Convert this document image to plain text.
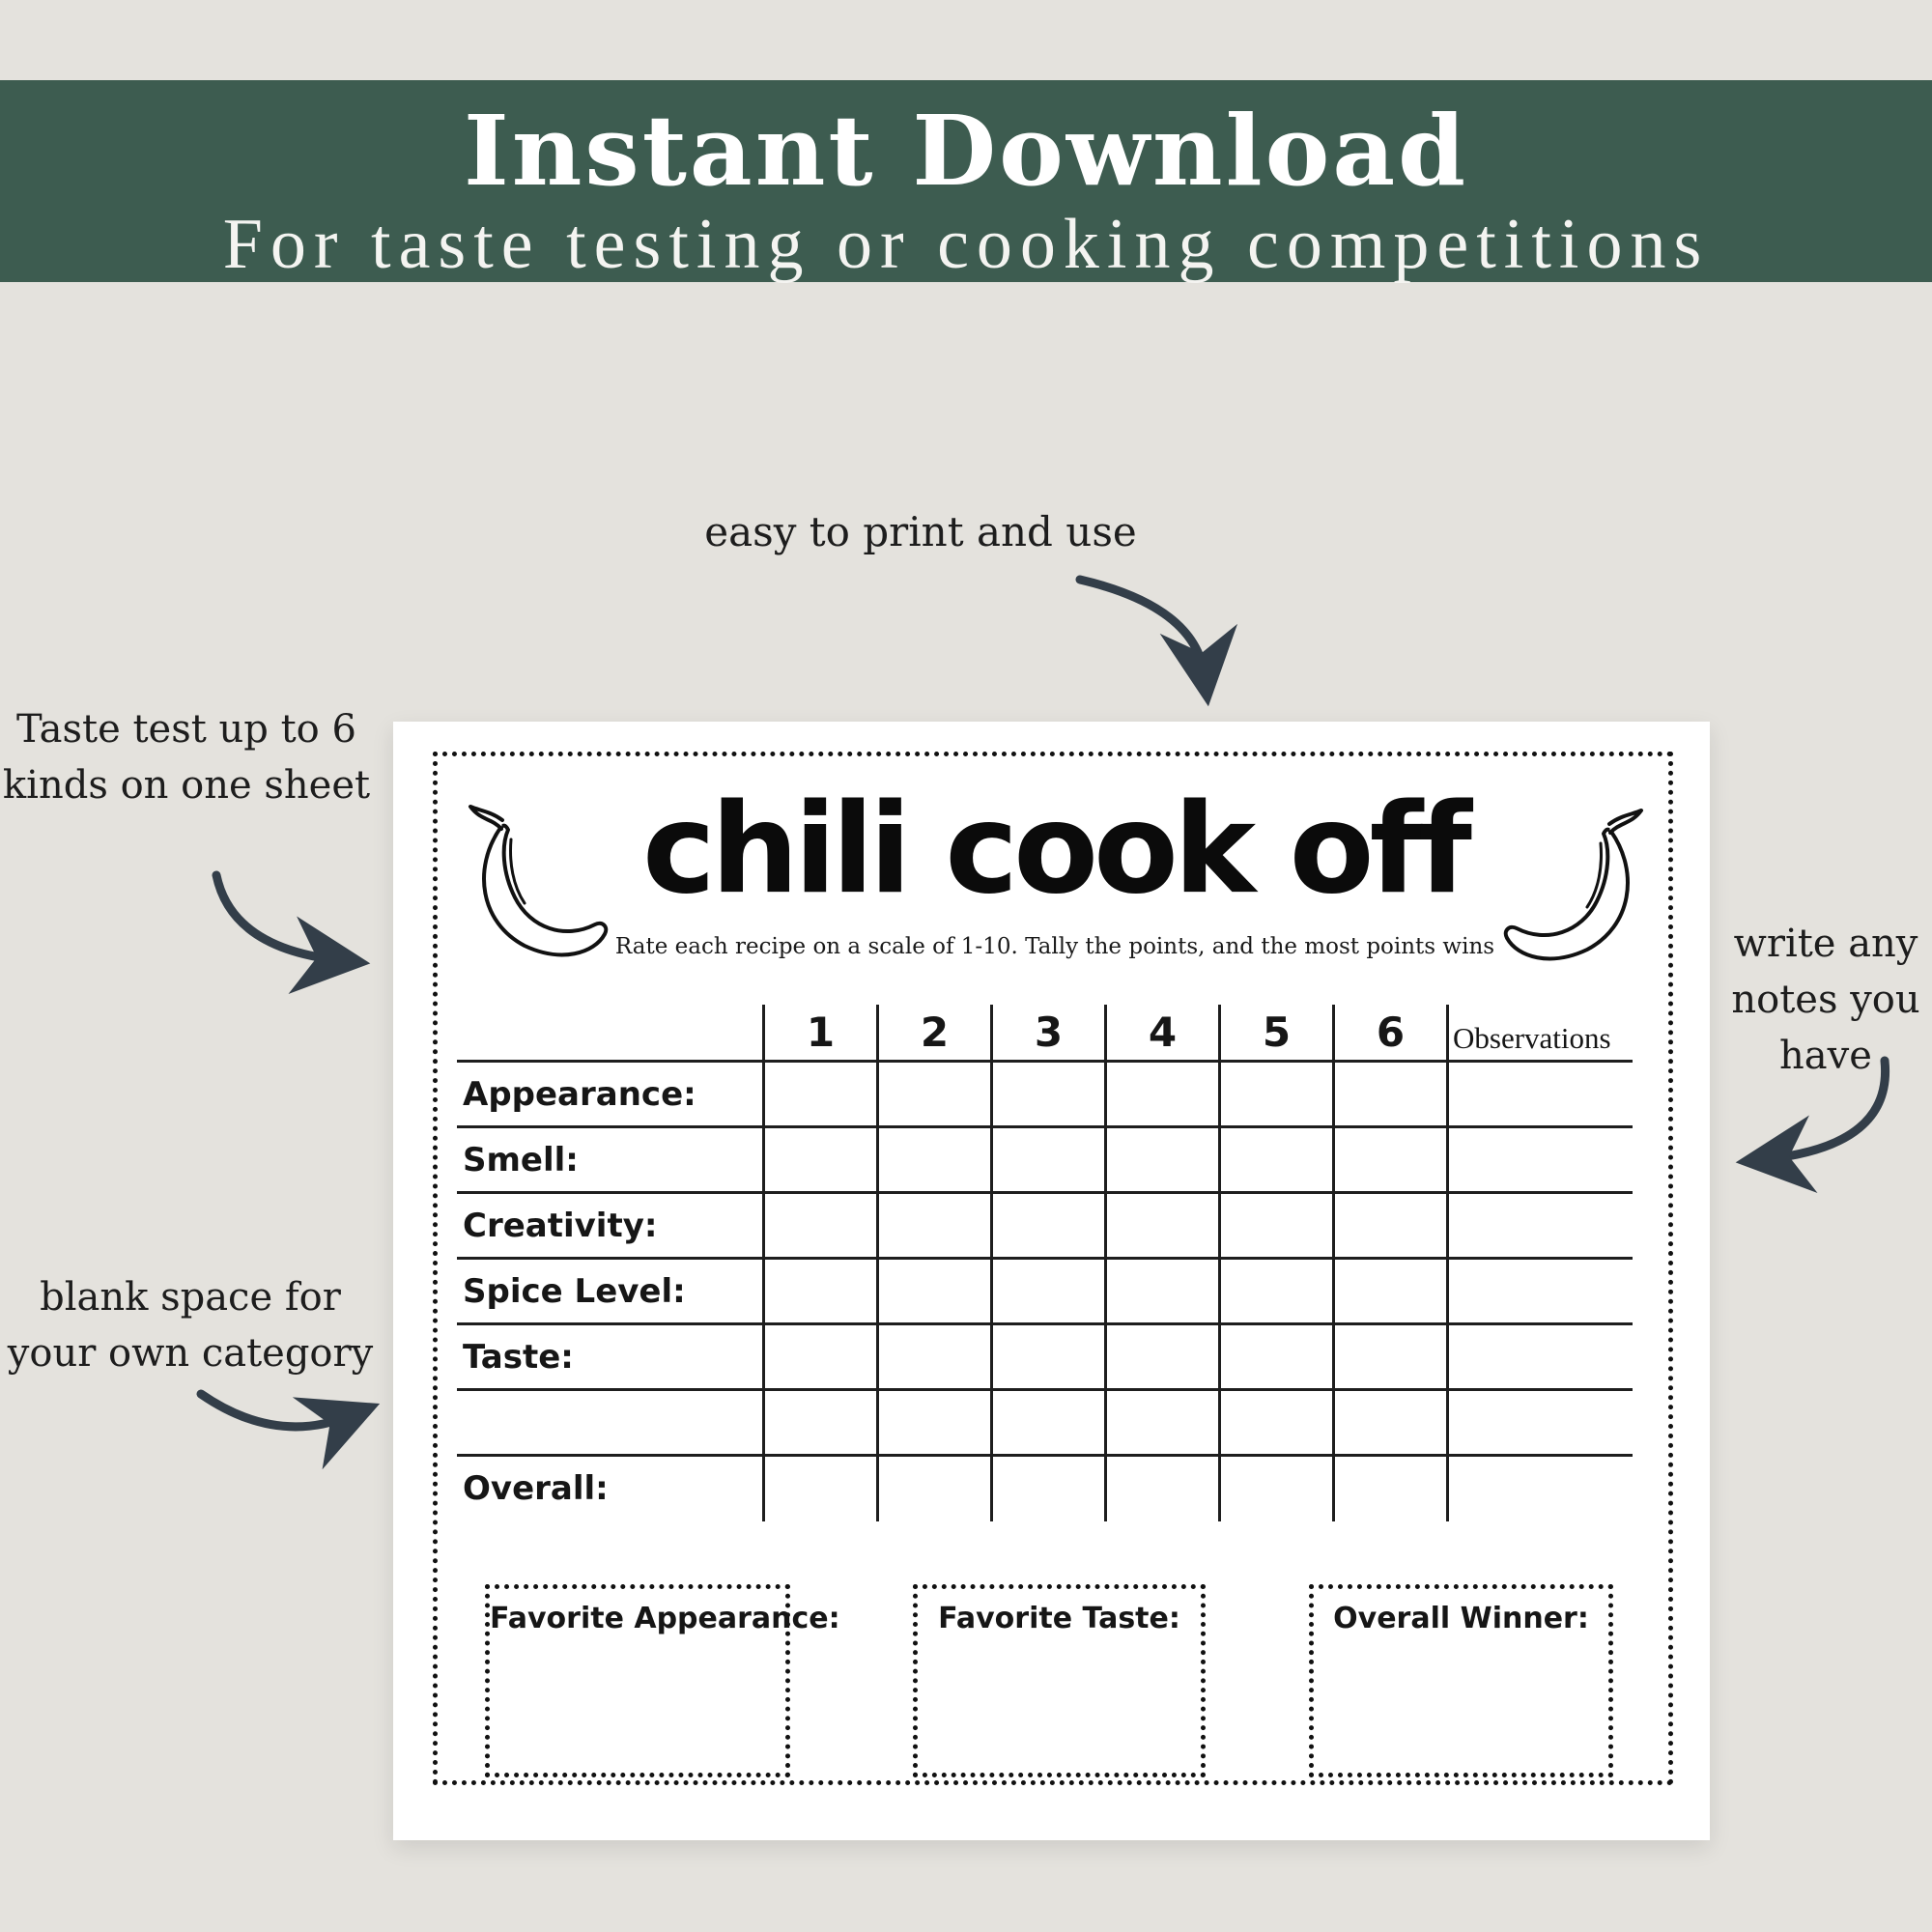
Instant Download
For taste testing or cooking competitions
easy to print and use
Taste test up to 6
kinds on one sheet
write any
notes you
have
blank space for
your own category
chili cook off
Rate each recipe on a scale of 1-10. Tally the points, and the most points wins
1	2	3	4	5	6	Observations
Appearance:
Smell:
Creativity:
Spice Level:
Taste:
Overall:
Favorite Appearance:	Favorite Taste:	Overall Winner:
